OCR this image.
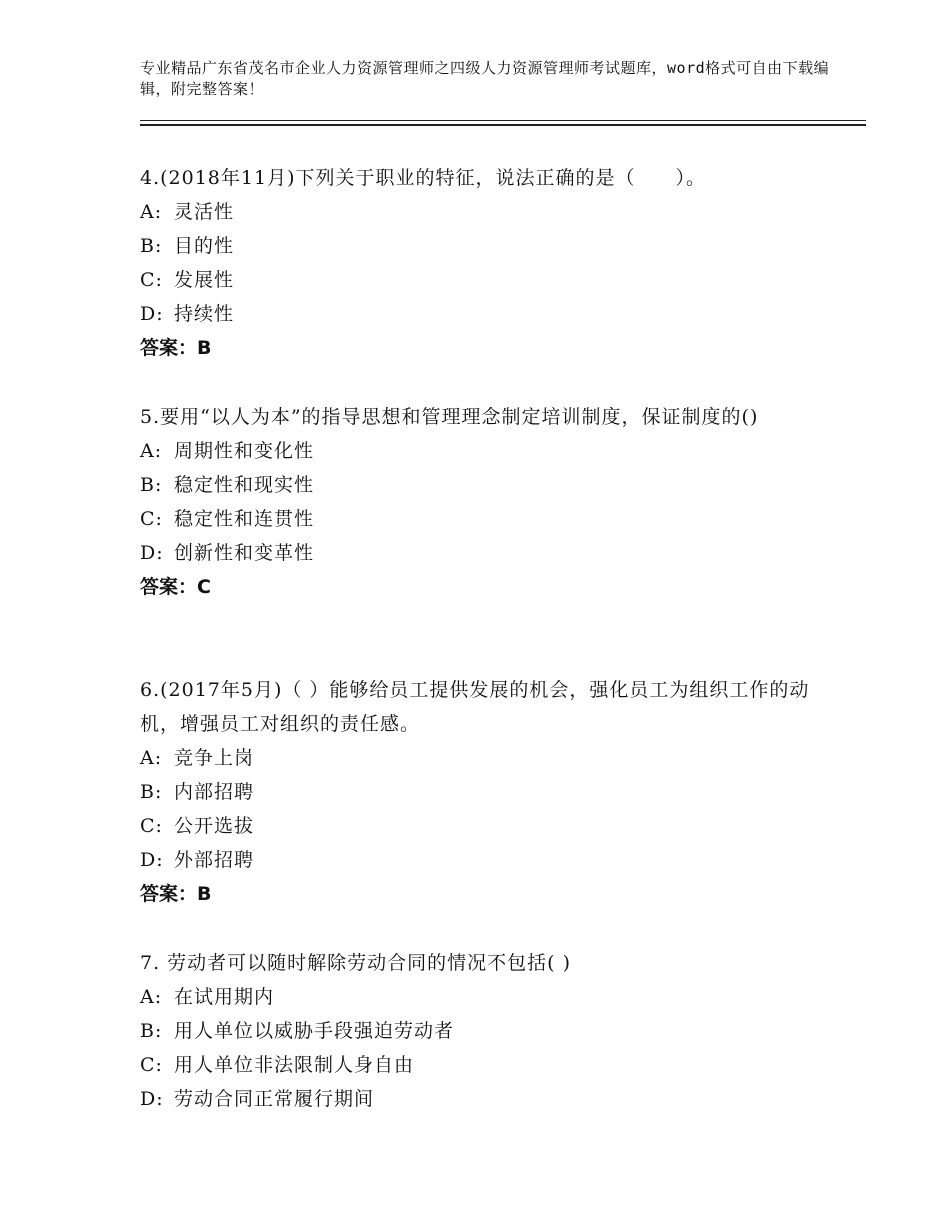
专业精品广东省茂名市企业人力资源管理师之四级人力资源管理师考试题库，word格式可自由下载编辑，附完整答案！

4.(2018年11月)下列关于职业的特征，说法正确的是（　　）。

A: 灵活性
B: 目的性
C: 发展性
D: 持续性
答案：B

5.要用“以人为本”的指导思想和管理理念制定培训制度，保证制度的()

A: 周期性和变化性
B: 稳定性和现实性
C: 稳定性和连贯性
D: 创新性和变革性
答案：C

6.(2017年5月)（ ）能够给员工提供发展的机会，强化员工为组织工作的动机，增强员工对组织的责任感。

A: 竞争上岗
B: 内部招聘
C: 公开选拔
D: 外部招聘
答案：B

7. 劳动者可以随时解除劳动合同的情况不包括( )

A: 在试用期内
B: 用人单位以威胁手段强迫劳动者
C: 用人单位非法限制人身自由
D: 劳动合同正常履行期间
